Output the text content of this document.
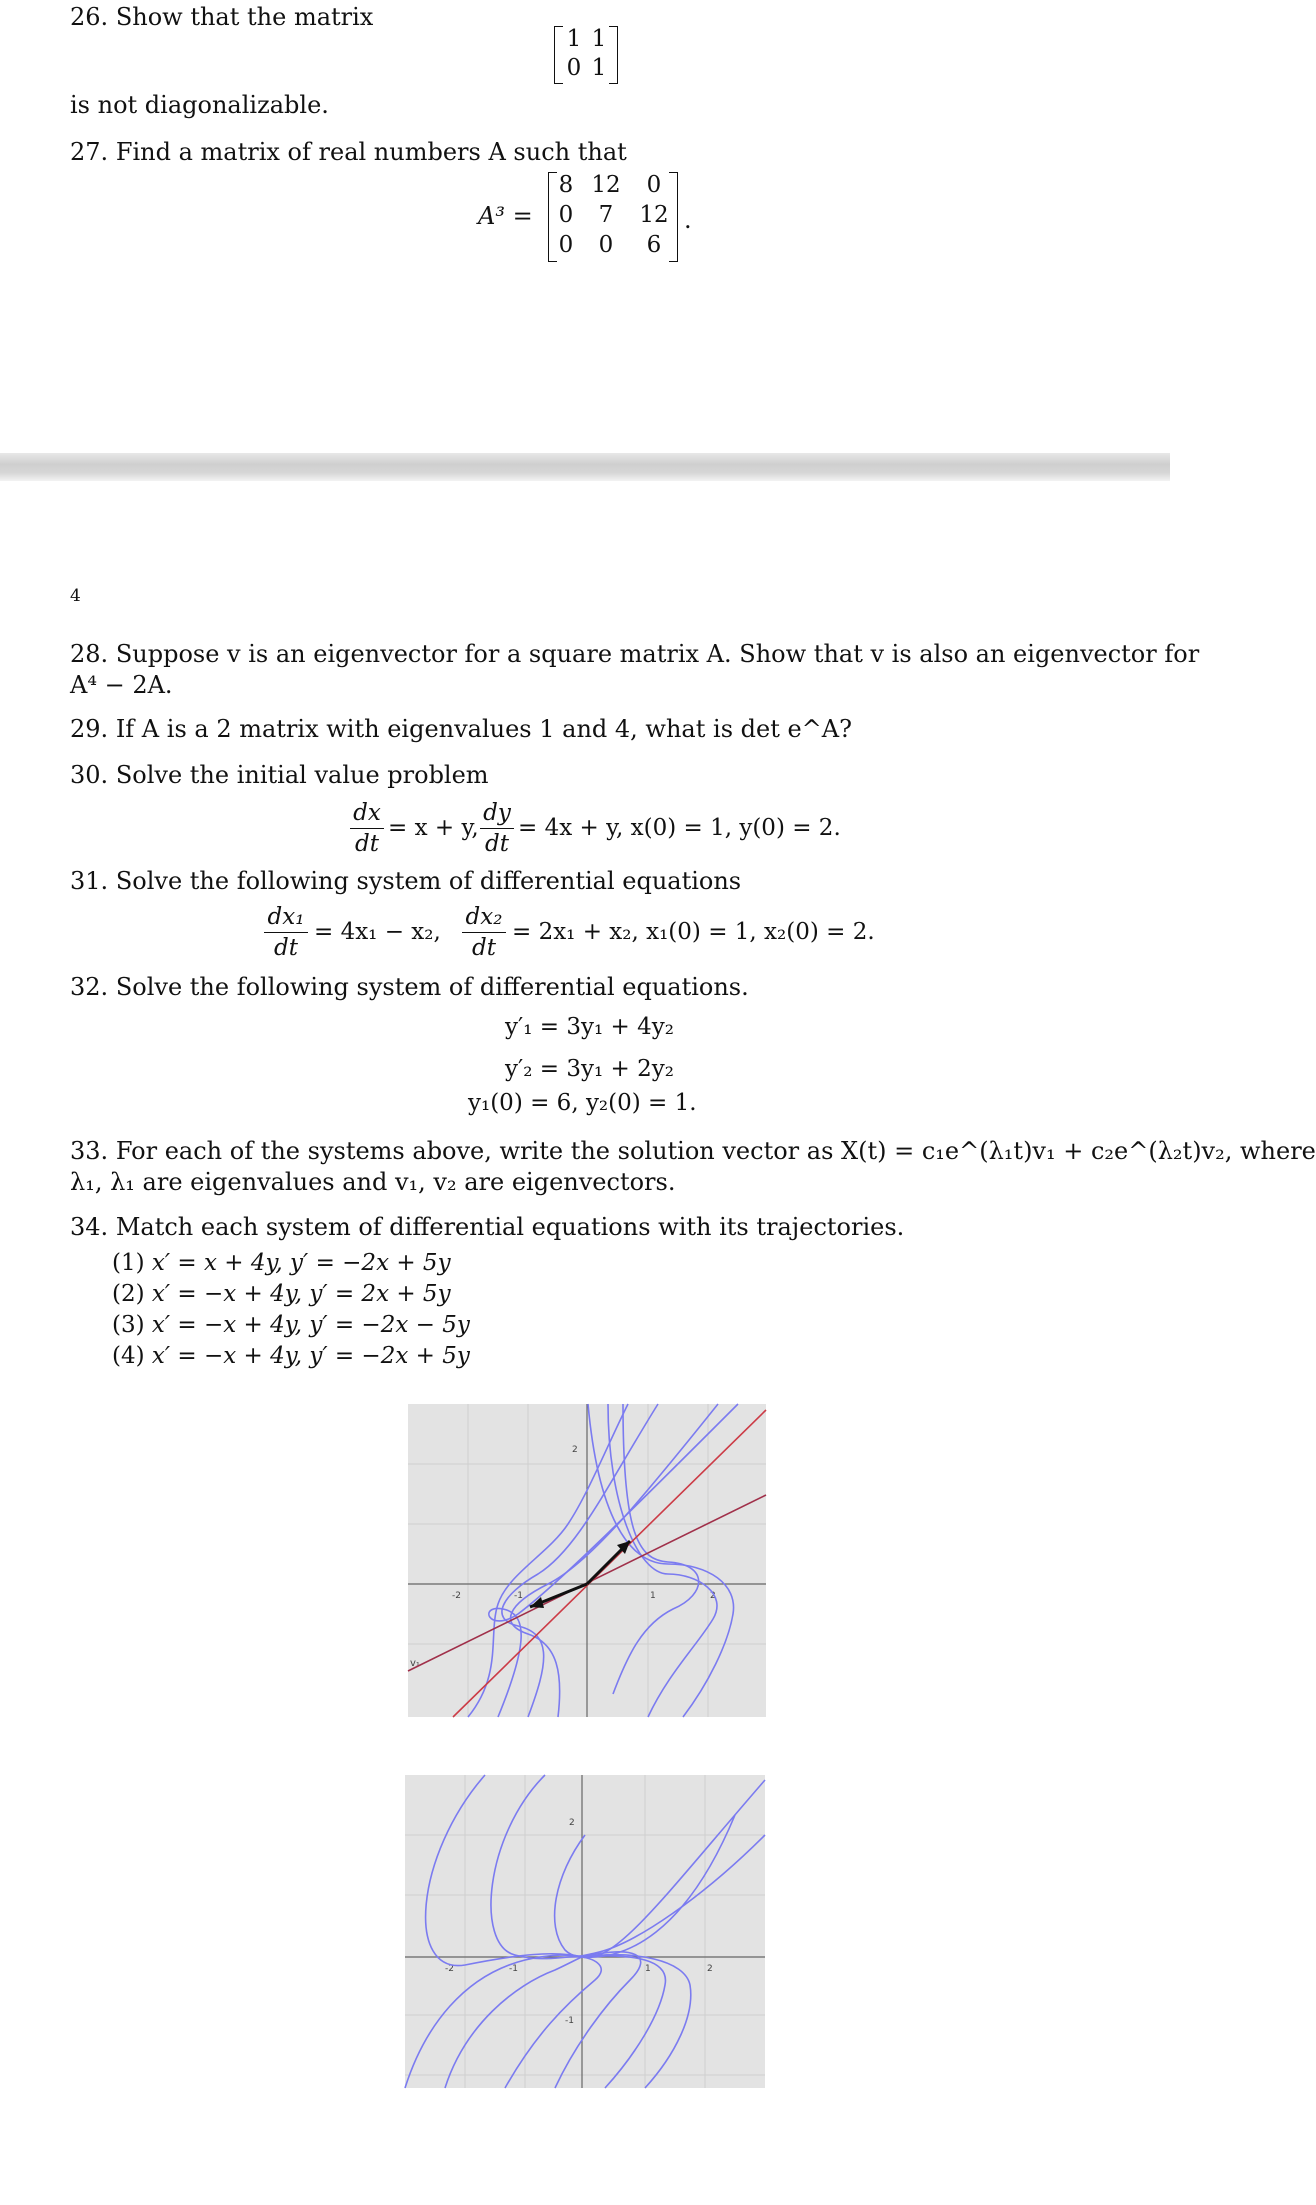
26. Show that the matrix
1 1
0 1
is not diagonalizable.
27. Find a matrix of real numbers A such that
A³ =
8 12	0
0	7	12
0	0	6
.
4
28. Suppose v is an eigenvector for a square matrix A. Show that v is also an eigenvector for
A⁴ − 2A.
29. If A is a 2 matrix with eigenvalues 1 and 4, what is det e^A?
30. Solve the initial value problem
dx
dt
= x + y,
dy
dt
= 4x + y, x(0) = 1, y(0) = 2.
31. Solve the following system of differential equations
dx₁
dt
= 4x₁ − x₂,
dx₂
dt
= 2x₁ + x₂, x₁(0) = 1, x₂(0) = 2.
32. Solve the following system of differential equations.
y′₁ = 3y₁ + 4y₂
y′₂ = 3y₁ + 2y₂
y₁(0) = 6, y₂(0) = 1.
33. For each of the systems above, write the solution vector as X(t) = c₁e^(λ₁t)v₁ + c₂e^(λ₂t)v₂, where
λ₁, λ₁ are eigenvalues and v₁, v₂ are eigenvectors.
34. Match each system of differential equations with its trajectories.
(1) x′ = x + 4y, y′ = −2x + 5y
(2) x′ = −x + 4y, y′ = 2x + 5y
(3) x′ = −x + 4y, y′ = −2x − 5y
(4) x′ = −x + 4y, y′ = −2x + 5y
-2	-1	1	2
2
v₁
-2	-1	1	2
2
-1
